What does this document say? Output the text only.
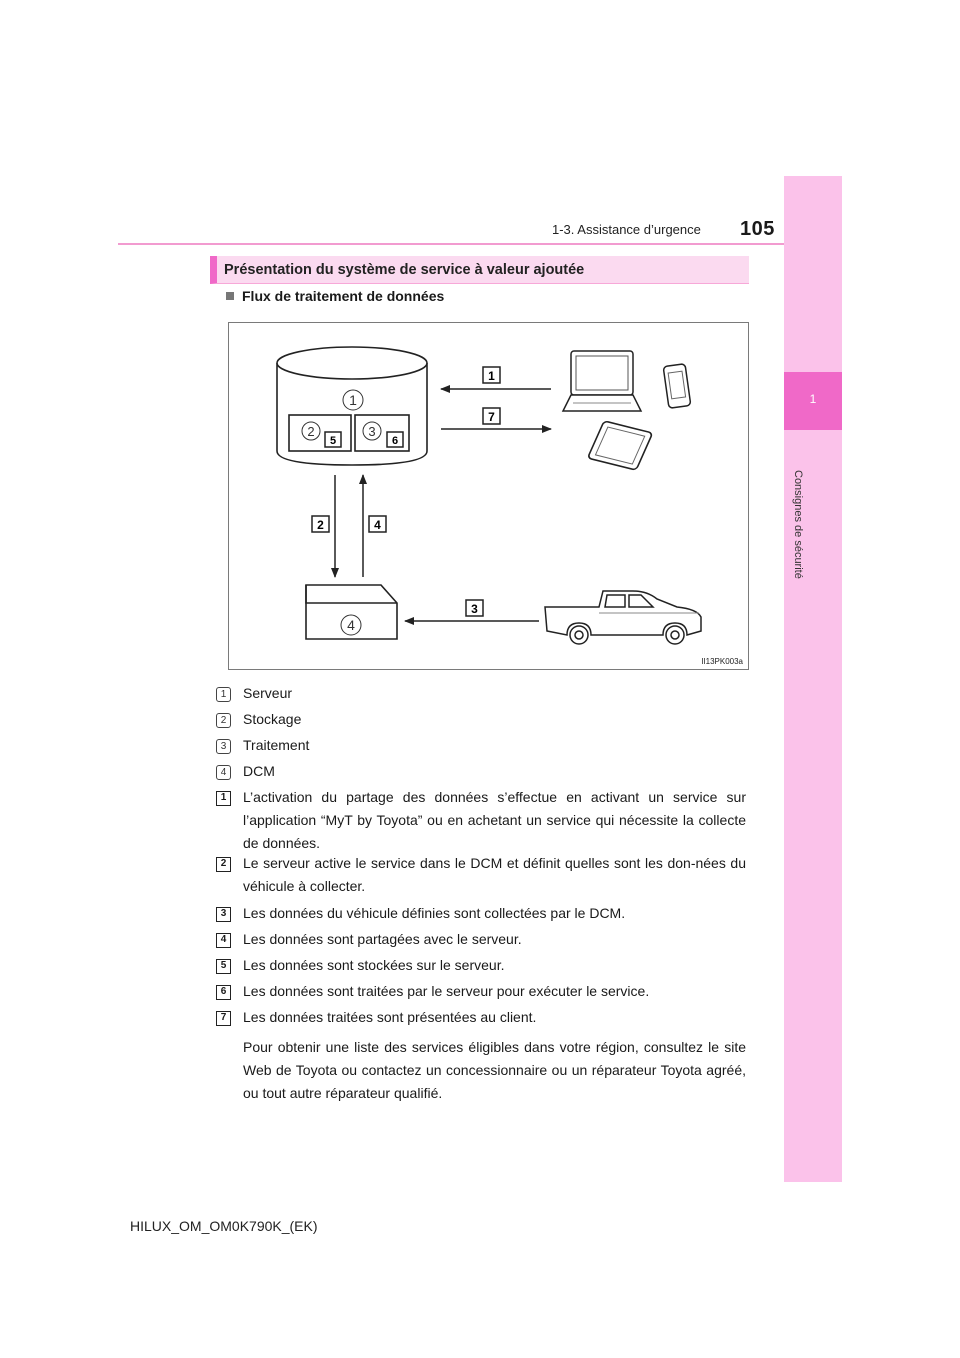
1-3. Assistance d’urgence 105
1
Consignes de sécurité
Présentation du système de service à valeur ajoutée
Flux de traitement de données
1
2
5
3
6
1
7
2	4
4
3
II13PK003a
1	Serveur
2	Stockage
3	Traitement
4	DCM
1	L’activation du partage des données s’effectue en activant un service sur l’application “MyT by Toyota” ou en achetant un service qui nécessite la collecte de données.
2	Le serveur active le service dans le DCM et définit quelles sont les don-nées du véhicule à collecter.
3	Les données du véhicule définies sont collectées par le DCM.
4	Les données sont partagées avec le serveur.
5	Les données sont stockées sur le serveur.
6	Les données sont traitées par le serveur pour exécuter le service.
7	Les données traitées sont présentées au client.
Pour obtenir une liste des services éligibles dans votre région, consultez le site Web de Toyota ou contactez un concessionnaire ou un réparateur Toyota agréé, ou tout autre réparateur qualifié.
HILUX_OM_OM0K790K_(EK)
